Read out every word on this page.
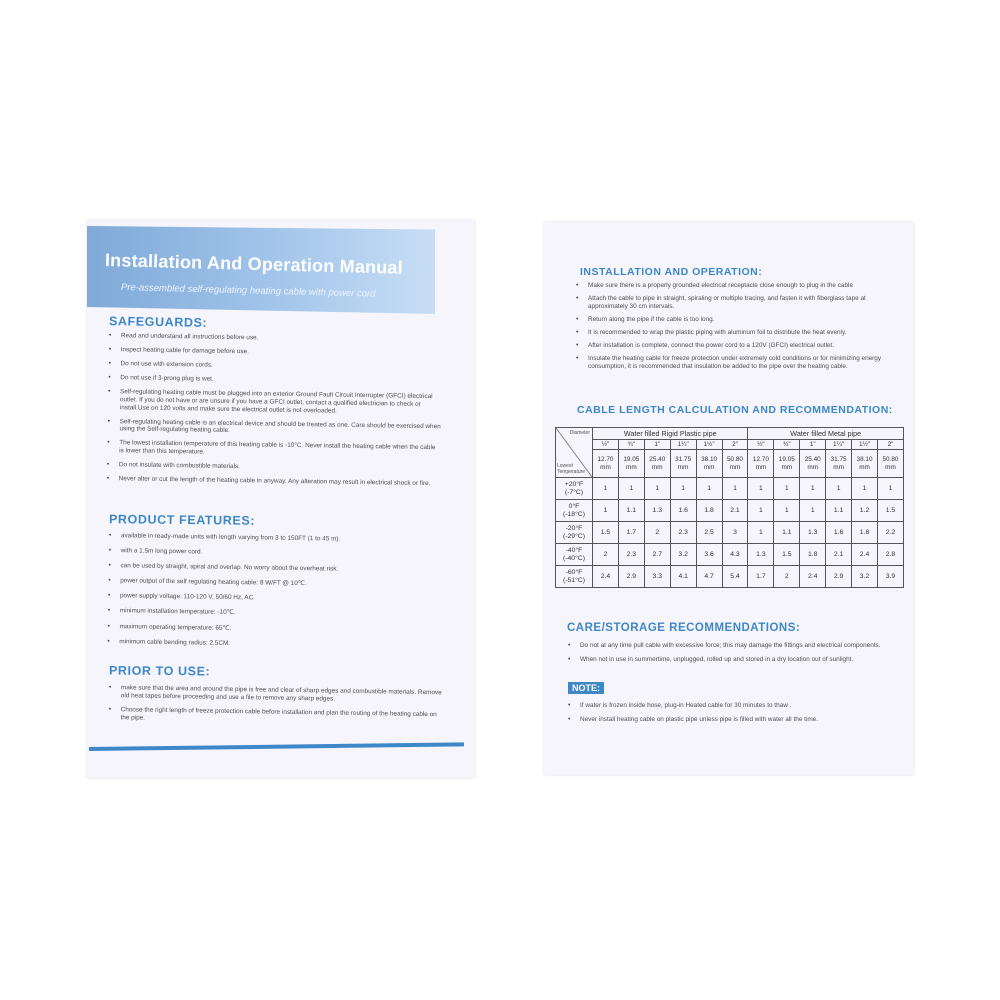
Installation And Operation Manual
Pre-assembled self-regulating heating cable with power cord
SAFEGUARDS:
• Read and understand all instructions before use.
• Inspect heating cable for damage before use.
• Do not use with extension cords.
• Do not use if 3-prong plug is wet.
• Self-regulating heating cable must be plugged into an exterior Ground Fault Circuit Interrupter (GFCI) electrical outlet. If you do not have or are unsure if you have a GFCI outlet, contact a qualified electrician to check or install.Use on 120 volts and make sure the electrical outlet is not overloaded.
• Self-regulating heating cable is an electrical device and should be treated as one. Care should be exercised when using the Self-regulating heating cable.
• The lowest installation temperature of this heating cable is -10°C. Never install the heating cable when the cable is lower than this temperature.
• Do not insulate with combustible materials.
• Never alter or cut the length of the heating cable in anyway. Any alteration may result in electrical shock or fire.
PRODUCT FEATURES:
• available in ready-made units with length varying from 3 to 150FT (1 to 45 m).
• with a 1.5m long power cord.
• can be used by straight, spiral and overlap. No worry about the overheat risk.
• power output of the self regulating heating cable: 8 W/FT @ 10℃.
• power supply voltage: 110-120 V, 50/60 Hz, AC.
• minimum installation temperature: -10℃.
• maximum operating temperature: 65℃.
• minimum cable bending radius: 2.5CM.
PRIOR TO USE:
• make sure that the area and around the pipe is free and clear of sharp edges and combustible materials. Remove old heat tapes before proceeding and use a file to remove any sharp edges.
• Choose the right length of freeze protection cable before installation and plan the routing of the heating cable on the pipe.
INSTALLATION AND OPERATION:
• Make sure there is a properly grounded electrical receptacle close enough to plug in the cable
• Attach the cable to pipe in straight, spiraling or multiple tracing, and fasten it with fiberglass tape at approximately 30 cm intervals.
• Return along the pipe if the cable is too long.
• It is recommended to wrap the plastic piping with aluminum foil to distribute the heat evenly.
• After installation is complete, connect the power cord to a 120V (GFCI) electrical outlet.
• Insulate the heating cable for freeze protection under extremely cold conditions or for minimizing energy consumption, it is recommended that insulation be added to the pipe over the heating cable.
CABLE LENGTH CALCULATION AND RECOMMENDATION:
Diameter
Lowest Temperature	Water filled Rigid Plastic pipe						Water filled Metal pipe					
	½"	¾"	1"	1¼"	1½"	2"	½"	¾"	1"	1¼"	1½"	2"
	12.70 mm	19.05 mm	25.40 mm	31.75 mm	38.10 mm	50.80 mm	12.70 mm	19.05 mm	25.40 mm	31.75 mm	38.10 mm	50.80 mm

+20°F
(-7°C)	1	1	1	1	1	1	1	1	1	1	1	1

0°F
(-18°C)	1	1.1	1.3	1.6	1.8	2.1	1	1	1	1.1	1.2	1.5

-20°F
(-29°C)	1.5	1.7	2	2.3	2.5	3	1	1.1	1.3	1.6	1.8	2.2

-40°F
(-40°C)	2	2.3	2.7	3.2	3.6	4.3	1.3	1.5	1.8	2.1	2.4	2.8

-60°F
(-51°C)	2.4	2.9	3.3	4.1	4.7	5.4	1.7	2	2.4	2.9	3.2	3.9
CARE/STORAGE RECOMMENDATIONS:
• Do not at any time pull cable with excessive force; this may damage the fittings and electrical components.
• When not in use in summertime, unplugged, rolled up and stored in a dry location out of sunlight.
NOTE:
• If water is frozen inside hose, plug-in Heated cable for 30 minutes to thaw .
• Never install heating cable on plastic pipe unless pipe is filled with water all the time.
